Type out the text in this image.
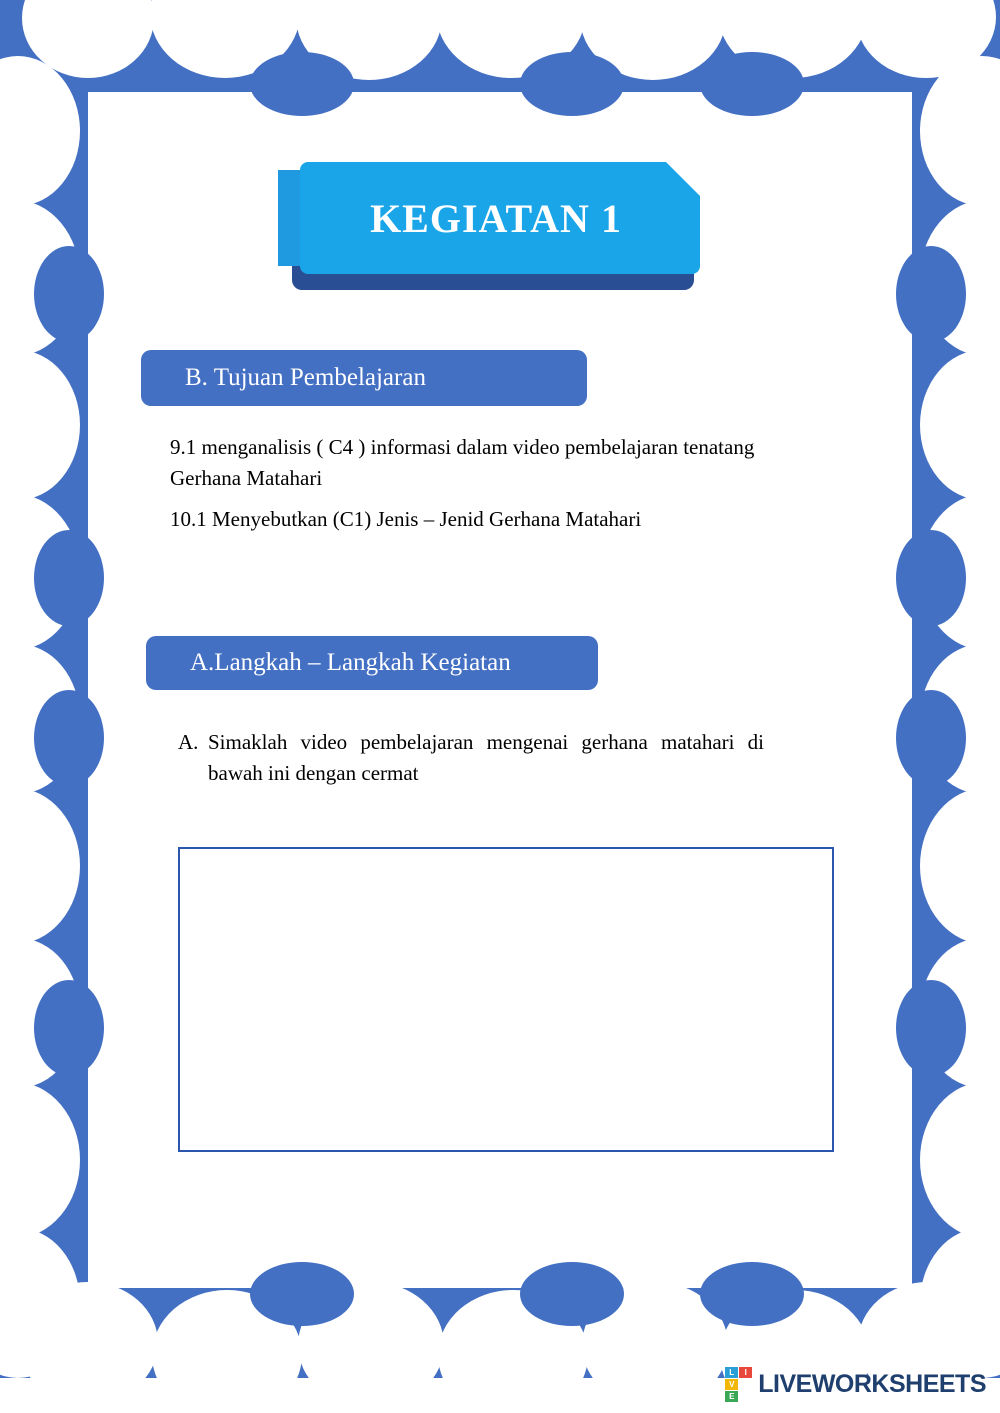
KEGIATAN 1
B. Tujuan Pembelajaran
9.1 menganalisis ( C4 ) informasi dalam video pembelajaran tenatang Gerhana Matahari
10.1 Menyebutkan (C1) Jenis – Jenid Gerhana Matahari
A.Langkah – Langkah Kegiatan
A. Simaklah video pembelajaran mengenai gerhana matahari di bawah ini dengan cermat
L	I
V
E LIVEWORKSHEETS
